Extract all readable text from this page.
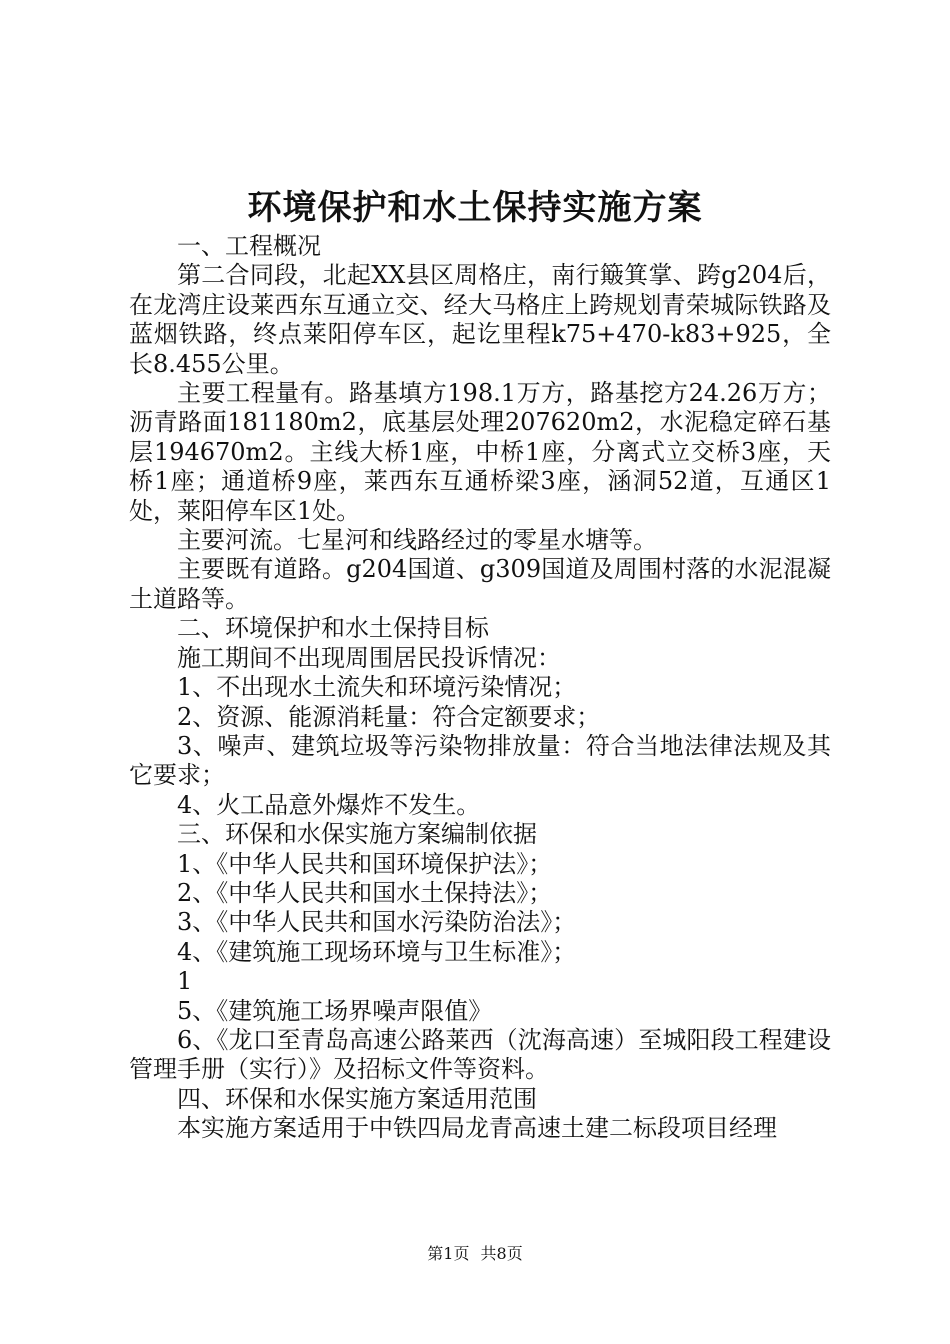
环境保护和水土保持实施方案

一、工程概况

第二合同段，北起XX县区周格庄，南行簸箕掌、跨g204后，在龙湾庄设莱西东互通立交、经大马格庄上跨规划青荣城际铁路及蓝烟铁路，终点莱阳停车区，起讫里程k75+470-k83+925，全长8.455公里。

主要工程量有。路基填方198.1万方，路基挖方24.26万方；沥青路面181180m2，底基层处理207620m2，水泥稳定碎石基层194670m2。主线大桥1座，中桥1座，分离式立交桥3座，天桥1座；通道桥9座，莱西东互通桥梁3座，涵洞52道，互通区1处，莱阳停车区1处。

主要河流。七星河和线路经过的零星水塘等。

主要既有道路。g204国道、g309国道及周围村落的水泥混凝土道路等。

二、环境保护和水土保持目标

施工期间不出现周围居民投诉情况：

1、不出现水土流失和环境污染情况；

2、资源、能源消耗量：符合定额要求；

3、噪声、建筑垃圾等污染物排放量：符合当地法律法规及其它要求；

4、火工品意外爆炸不发生。

三、环保和水保实施方案编制依据

1、《中华人民共和国环境保护法》；

2、《中华人民共和国水土保持法》；

3、《中华人民共和国水污染防治法》；

4、《建筑施工现场环境与卫生标准》；

1

5、《建筑施工场界噪声限值》

6、《龙口至青岛高速公路莱西（沈海高速）至城阳段工程建设管理手册（实行）》及招标文件等资料。

四、环保和水保实施方案适用范围

本实施方案适用于中铁四局龙青高速土建二标段项目经理

第1页 共8页
